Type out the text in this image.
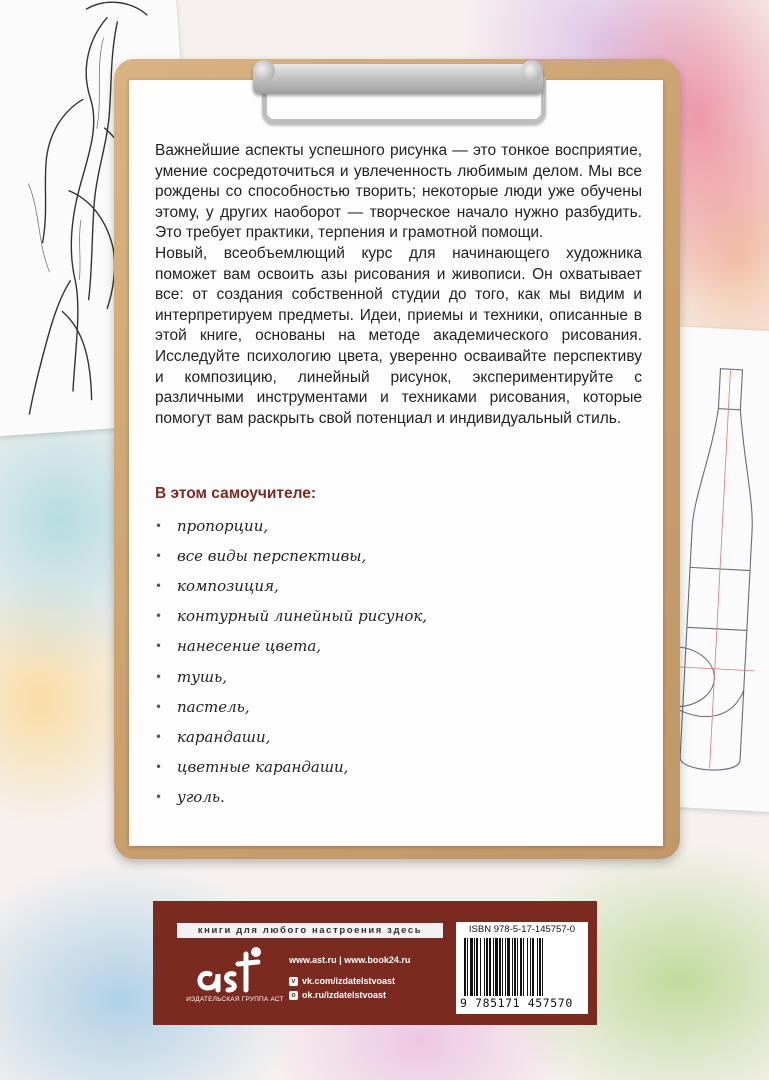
Важнейшие аспекты успешного рисунка — это тонкое восприятие, умение сосредоточиться и увлеченность любимым делом. Мы все рождены со способностью творить; некоторые люди уже обучены этому, у других наоборот — творческое начало нужно разбудить. Это требует практики, терпения и грамотной помощи.

Новый, всеобъемлющий курс для начинающего художника поможет вам освоить азы рисования и живописи. Он охватывает все: от создания собственной студии до того, как мы видим и интерпретируем предметы. Идеи, приемы и техники, описанные в этой книге, основаны на методе академического рисования. Исследуйте психологию цвета, уверенно осваивайте перспективу и композицию, линейный рисунок, экспериментируйте с различными инструментами и техниками рисования, которые помогут вам раскрыть свой потенциал и индивидуальный стиль.

В этом самоучителе:
• пропорции,
• все виды перспективы,
• композиция,
• контурный линейный рисунок,
• нанесение цвета,
• тушь,
• пастель,
• карандаши,
• цветные карандаши,
• уголь.
книги для любого настроения здесь
ИЗДАТЕЛЬСКАЯ ГРУППА АСТ
www.ast.ru | www.book24.ru
v vk.com/izdatelstvoast
o ok.ru/izdatelstvoast
ISBN 978-5-17-145757-0
9 785171 457570
